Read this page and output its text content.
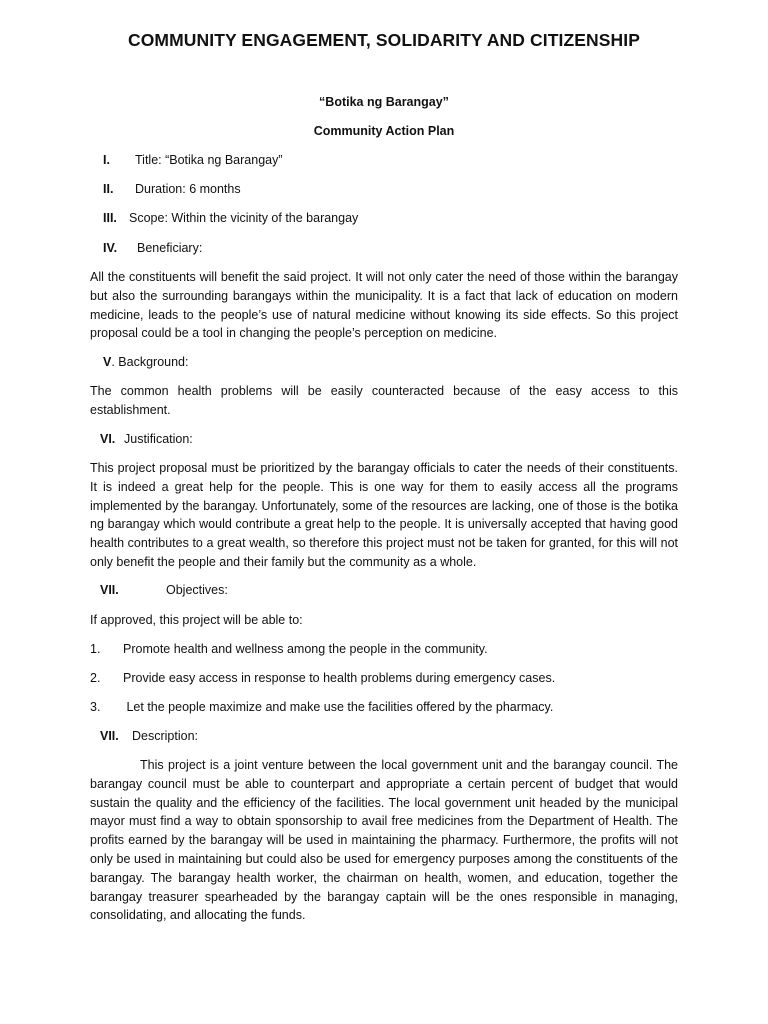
COMMUNITY ENGAGEMENT, SOLIDARITY AND CITIZENSHIP
“Botika ng Barangay”
Community Action Plan
I. Title: “Botika ng Barangay”
II. Duration: 6 months
III. Scope: Within the vicinity of the barangay
IV. Beneficiary:
All the constituents will benefit the said project. It will not only cater the need of those within the barangay but also the surrounding barangays within the municipality. It is a fact that lack of education on modern medicine, leads to the people’s use of natural medicine without knowing its side effects. So this project proposal could be a tool in changing the people’s perception on medicine.
V. Background:
The common health problems will be easily counteracted because of the easy access to this establishment.
VI. Justification:
This project proposal must be prioritized by the barangay officials to cater the needs of their constituents. It is indeed a great help for the people. This is one way for them to easily access all the programs implemented by the barangay. Unfortunately, some of the resources are lacking, one of those is the botika ng barangay which would contribute a great help to the people. It is universally accepted that having good health contributes to a great wealth, so therefore this project must not be taken for granted, for this will not only benefit the people and their family but the community as a whole.
VII.	Objectives:
If approved, this project will be able to:
1. Promote health and wellness among the people in the community.
2. Provide easy access in response to health problems during emergency cases.
3. Let the people maximize and make use the facilities offered by the pharmacy.
VII. Description:
This project is a joint venture between the local government unit and the barangay council. The barangay council must be able to counterpart and appropriate a certain percent of budget that would sustain the quality and the efficiency of the facilities. The local government unit headed by the municipal mayor must find a way to obtain sponsorship to avail free medicines from the Department of Health. The profits earned by the barangay will be used in maintaining the pharmacy. Furthermore, the profits will not only be used in maintaining but could also be used for emergency purposes among the constituents of the barangay. The barangay health worker, the chairman on health, women, and education, together the barangay treasurer spearheaded by the barangay captain will be the ones responsible in managing, consolidating, and allocating the funds.
